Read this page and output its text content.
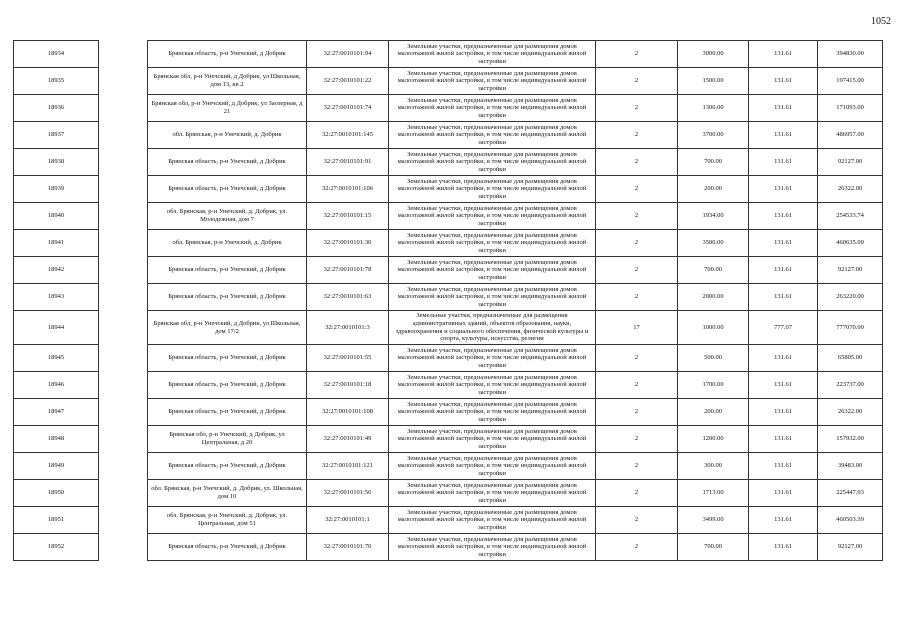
1052
18934		Брянская область, р-н Унечский, д Добрик	32:27:0010101:94	Земельные участки, предназначенные для размещения домов малоэтажной жилой застройки, в том числе индивидуальной жилой застройки	2	3000.00	131.61	394830.00
18935		Брянская обл, р-н Унечский, д Добрик, ул Школьная, дом 13, кв 2	32:27:0010101:22	Земельные участки, предназначенные для размещения домов малоэтажной жилой застройки, в том числе индивидуальной жилой застройки	2	1500.00	131.61	197415.00
18936		Брянская обл, р-н Унечский, д Добрик, ул Заозерная, д 21	32:27:0010101:74	Земельные участки, предназначенные для размещения домов малоэтажной жилой застройки, в том числе индивидуальной жилой застройки	2	1300.00	131.61	171093.00
18937		обл. Брянская, р-н Унечский, д. Добрик	32:27:0010101:145	Земельные участки, предназначенные для размещения домов малоэтажной жилой застройки, в том числе индивидуальной жилой застройки	2	3700.00	131.61	486957.00
18938		Брянская область, р-н Унечский, д Добрик	32:27:0010101:91	Земельные участки, предназначенные для размещения домов малоэтажной жилой застройки, в том числе индивидуальной жилой застройки	2	700.00	131.61	92127.00
18939		Брянская область, р-н Унечский, д Добрик	32:27:0010101:106	Земельные участки, предназначенные для размещения домов малоэтажной жилой застройки, в том числе индивидуальной жилой застройки	2	200.00	131.61	26322.00
18940		обл. Брянская, р-н Унечский, д. Добрик, ул. Молодежная, дом 7	32:27:0010101:15	Земельные участки, предназначенные для размещения домов малоэтажной жилой застройки, в том числе индивидуальной жилой застройки	2	1934.00	131.61	254533.74
18941		обл. Брянская, р-н Унечский, д. Добрик	32:27:0010101:30	Земельные участки, предназначенные для размещения домов малоэтажной жилой застройки, в том числе индивидуальной жилой застройки	2	3500.00	131.61	460635.00
18942		Брянская область, р-н Унечский, д Добрик	32:27:0010101:78	Земельные участки, предназначенные для размещения домов малоэтажной жилой застройки, в том числе индивидуальной жилой застройки	2	700.00	131.61	92127.00
18943		Брянская область, р-н Унечский, д Добрик	32:27:0010101:63	Земельные участки, предназначенные для размещения домов малоэтажной жилой застройки, в том числе индивидуальной жилой застройки	2	2000.00	131.61	263220.00
18944		Брянская обл, р-н Унечский, д Добрик, ул Школьная, дом 17/2	32:27:0010101:3	Земельные участки, предназначенные для размещения административных зданий, объектов образования, науки, здравоохранения и социального обеспечения, физической культуры и спорта, культуры, искусства, религии	17	1000.00	777.07	777070.00
18945		Брянская область, р-н Унечский, д Добрик	32:27:0010101:55	Земельные участки, предназначенные для размещения домов малоэтажной жилой застройки, в том числе индивидуальной жилой застройки	2	500.00	131.61	65805.00
18946		Брянская область, р-н Унечский, д Добрик	32:27:0010101:18	Земельные участки, предназначенные для размещения домов малоэтажной жилой застройки, в том числе индивидуальной жилой застройки	2	1700.00	131.61	223737.00
18947		Брянская область, р-н Унечский, д Добрик	32:27:0010101:108	Земельные участки, предназначенные для размещения домов малоэтажной жилой застройки, в том числе индивидуальной жилой застройки	2	200.00	131.61	26322.00
18948		Брянская обл, р-н Унечский, д Добрик, ул Центральная, д 20	32:27:0010101:49	Земельные участки, предназначенные для размещения домов малоэтажной жилой застройки, в том числе индивидуальной жилой застройки	2	1200.00	131.61	157932.00
18949		Брянская область, р-н Унечский, д Добрик	32:27:0010101:121	Земельные участки, предназначенные для размещения домов малоэтажной жилой застройки, в том числе индивидуальной жилой застройки	2	300.00	131.61	39483.00
18950		обл. Брянская, р-н Унечский, д. Добрик, ул. Школьная, дом 10	32:27:0010101:56	Земельные участки, предназначенные для размещения домов малоэтажной жилой застройки, в том числе индивидуальной жилой застройки	2	1713.00	131.61	225447.93
18951		обл. Брянская, р-н Унечский, д. Добрик, ул. Центральная, дом 51	32:27:0010101:1	Земельные участки, предназначенные для размещения домов малоэтажной жилой застройки, в том числе индивидуальной жилой застройки	2	3499.00	131.61	460503.39
18952		Брянская область, р-н Унечский, д Добрик	32:27:0010101:70	Земельные участки, предназначенные для размещения домов малоэтажной жилой застройки, в том числе индивидуальной жилой застройки	2	700.00	131.61	92127.00
